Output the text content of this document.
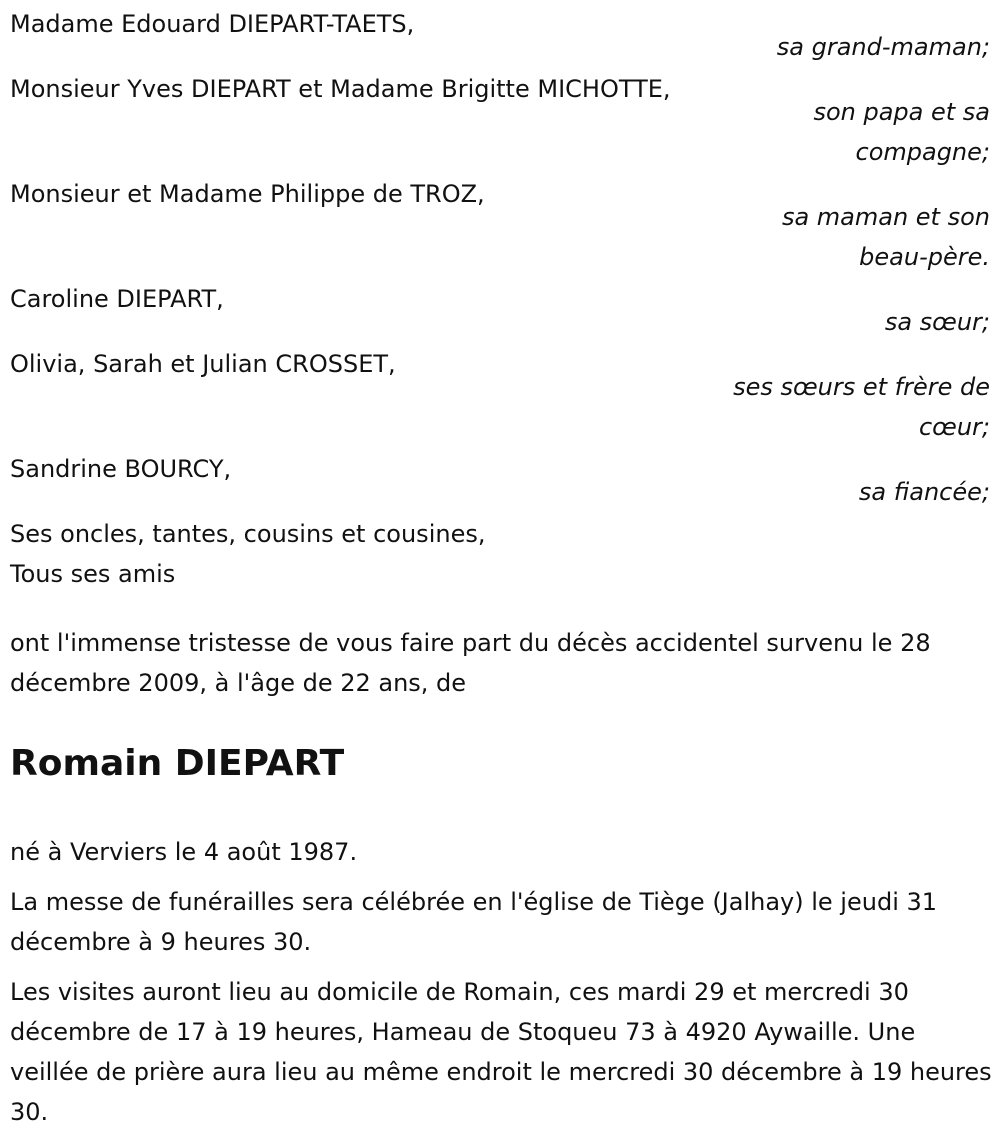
Madame Edouard DIEPART-TAETS,
sa grand-maman;
Monsieur Yves DIEPART et Madame Brigitte MICHOTTE,
son papa et sa compagne;
Monsieur et Madame Philippe de TROZ,
sa maman et son beau-père.
Caroline DIEPART,
sa sœur;
Olivia, Sarah et Julian CROSSET,
ses sœurs et frère de cœur;
Sandrine BOURCY,
sa fiancée;
Ses oncles, tantes, cousins et cousines,
Tous ses amis
ont l'immense tristesse de vous faire part du décès accidentel survenu le 28 décembre 2009, à l'âge de 22 ans, de
Romain DIEPART

né à Verviers le 4 août 1987.

La messe de funérailles sera célébrée en l'église de Tiège (Jalhay) le jeudi 31 décembre à 9 heures 30.

Les visites auront lieu au domicile de Romain, ces mardi 29 et mercredi 30 décembre de 17 à 19 heures, Hameau de Stoqueu 73 à 4920 Aywaille. Une veillée de prière aura lieu au même endroit le mercredi 30 décembre à 19 heures 30.
